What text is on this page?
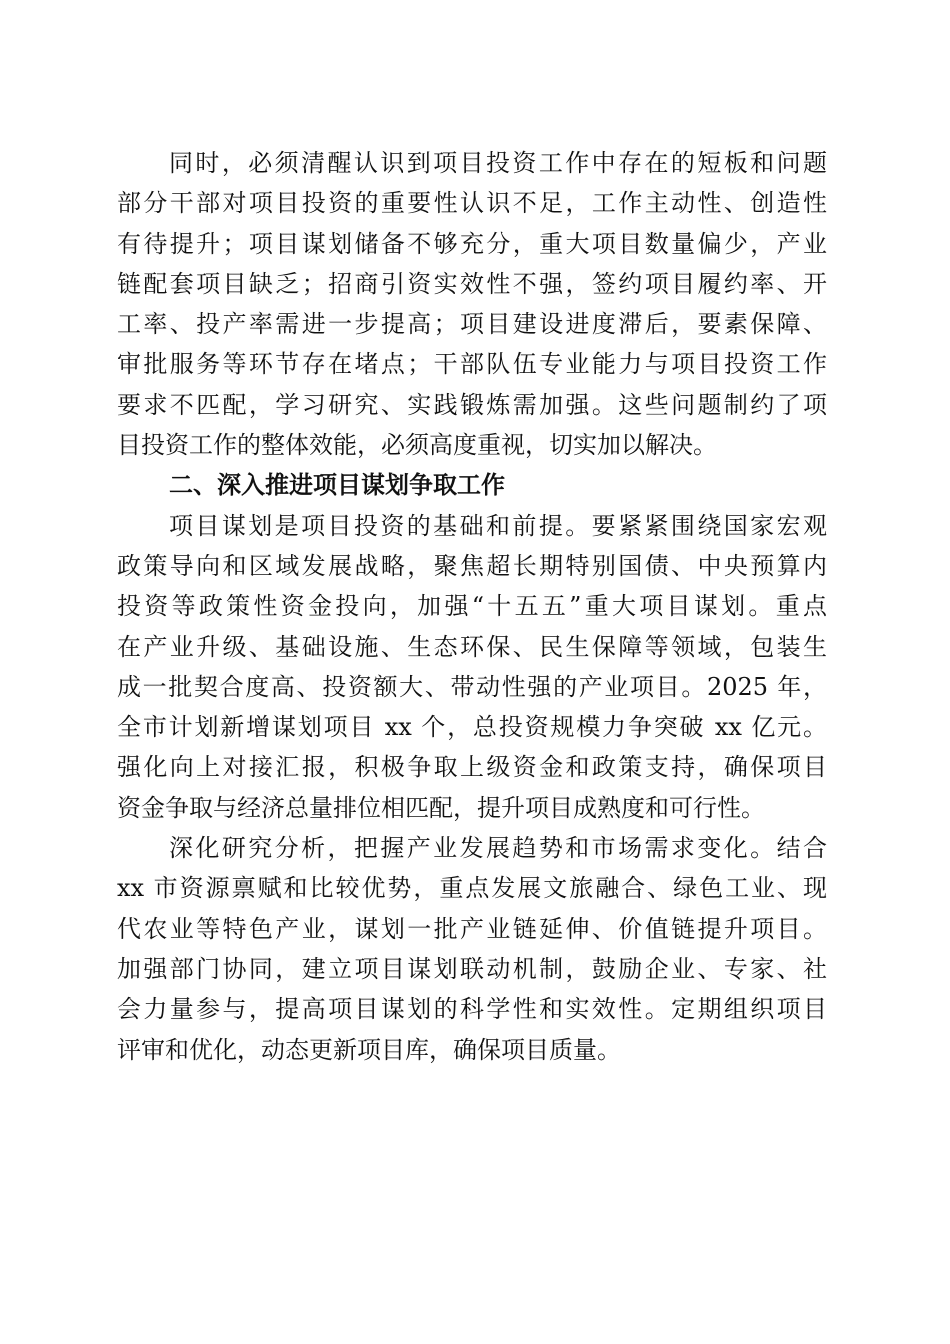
同时，必须清醒认识到项目投资工作中存在的短板和问题
部分干部对项目投资的重要性认识不足，工作主动性、创造性
有待提升；项目谋划储备不够充分，重大项目数量偏少，产业
链配套项目缺乏；招商引资实效性不强，签约项目履约率、开
工率、投产率需进一步提高；项目建设进度滞后，要素保障、
审批服务等环节存在堵点；干部队伍专业能力与项目投资工作
要求不匹配，学习研究、实践锻炼需加强。这些问题制约了项
目投资工作的整体效能，必须高度重视，切实加以解决。
二、深入推进项目谋划争取工作
项目谋划是项目投资的基础和前提。要紧紧围绕国家宏观
政策导向和区域发展战略，聚焦超长期特别国债、中央预算内
投资等政策性资金投向，加强“十五五”重大项目谋划。重点
在产业升级、基础设施、生态环保、民生保障等领域，包装生
成一批契合度高、投资额大、带动性强的产业项目。2025 年，
全市计划新增谋划项目 xx 个，总投资规模力争突破 xx 亿元。
强化向上对接汇报，积极争取上级资金和政策支持，确保项目
资金争取与经济总量排位相匹配，提升项目成熟度和可行性。
深化研究分析，把握产业发展趋势和市场需求变化。结合
xx 市资源禀赋和比较优势，重点发展文旅融合、绿色工业、现
代农业等特色产业，谋划一批产业链延伸、价值链提升项目。
加强部门协同，建立项目谋划联动机制，鼓励企业、专家、社
会力量参与，提高项目谋划的科学性和实效性。定期组织项目
评审和优化，动态更新项目库，确保项目质量。
